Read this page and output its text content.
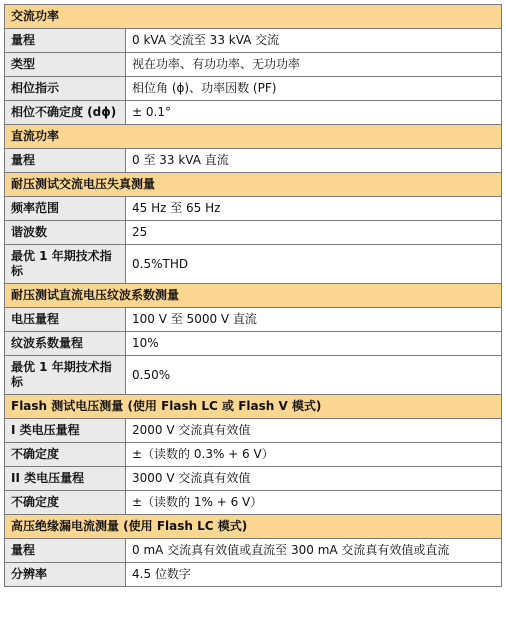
交流功率	
量程	0 kVA 交流至 33 kVA 交流
类型	视在功率、有功功率、无功功率
相位指示	相位角 (ϕ)、功率因数 (PF)
相位不确定度 (dϕ)	± 0.1°
直流功率	
量程	0 至 33 kVA 直流
耐压测试交流电压失真测量	
频率范围	45 Hz 至 65 Hz
谐波数	25
最优 1 年期技术指标	0.5%THD
耐压测试直流电压纹波系数测量	
电压量程	100 V 至 5000 V 直流
纹波系数量程	10%
最优 1 年期技术指标	0.50%
Flash 测试电压测量 (使用 Flash LC 或 Flash V 模式)	
I 类电压量程	2000 V 交流真有效值
不确定度	±（读数的 0.3% + 6 V）
II 类电压量程	3000 V 交流真有效值
不确定度	±（读数的 1% + 6 V）
高压绝缘漏电流测量 (使用 Flash LC 模式)	
量程	0 mA 交流真有效值或直流至 300 mA 交流真有效值或直流
分辨率	4.5 位数字
